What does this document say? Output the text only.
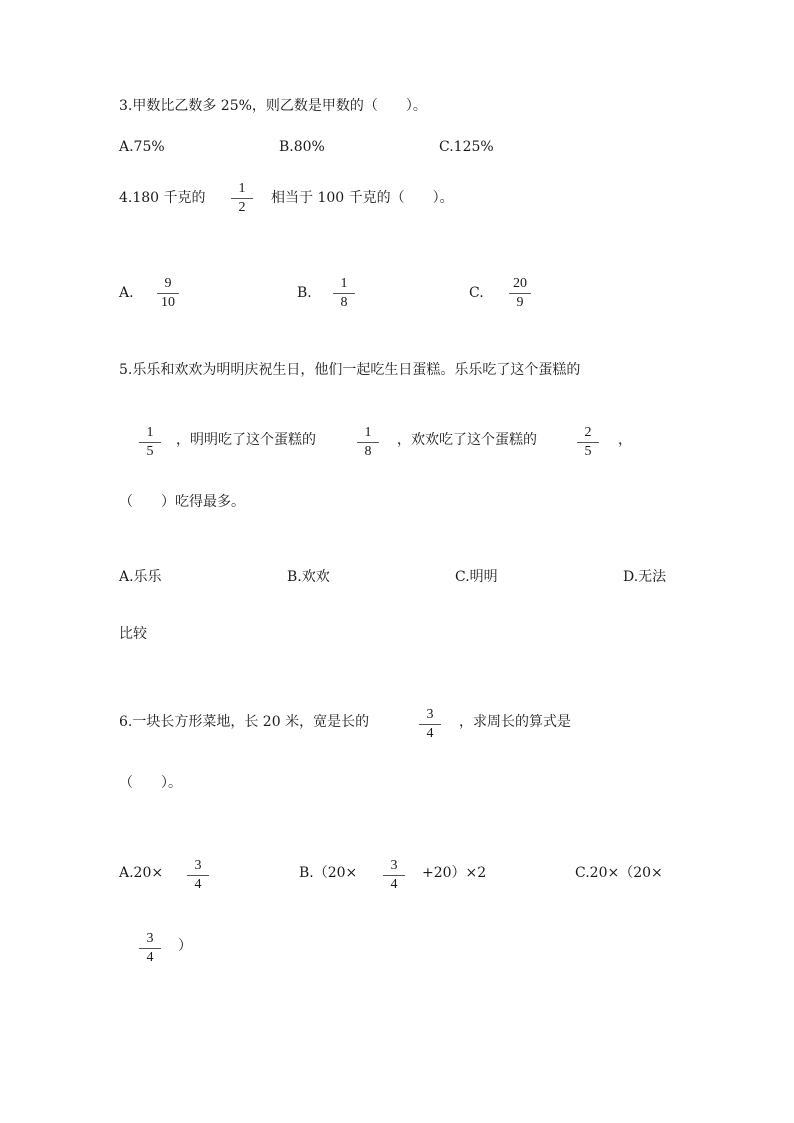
3.甲数比乙数多 25%，则乙数是甲数的（　　）。
A.75%	B.80%	C.125%
4.180 千克的
1
2
相当于 100 千克的（　　）。
A.
9
10
B.
1
8
C.
20
9
5.乐乐和欢欢为明明庆祝生日，他们一起吃生日蛋糕。乐乐吃了这个蛋糕的
1
5
，明明吃了这个蛋糕的	1
8
，欢欢吃了这个蛋糕的	2
5
，
（　　）吃得最多。
A.乐乐	B.欢欢	C.明明	D.无法
比较
6.一块长方形菜地，长 20 米，宽是长的	3
4
，求周长的算式是
（　　）。
A.20×	3
4
B.（20×	3
4
+20）×2	C.20×（20×
3
4
）
